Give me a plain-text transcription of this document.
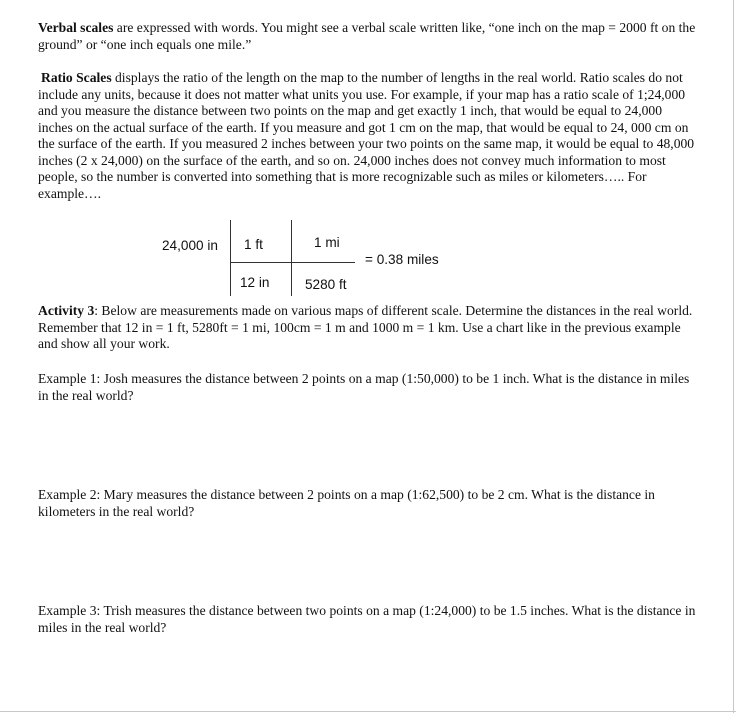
Verbal scales are expressed with words. You might see a verbal scale written like, “one inch on the map = 2000 ft on the ground” or “one inch equals one mile.”

Ratio Scales displays the ratio of the length on the map to the number of lengths in the real world. Ratio scales do not include any units, because it does not matter what units you use. For example, if your map has a ratio scale of 1;24,000 and you measure the distance between two points on the map and get exactly 1 inch, that would be equal to 24,000 inches on the actual surface of the earth. If you measure and got 1 cm on the map, that would be equal to 24, 000 cm on the surface of the earth. If you measured 2 inches between your two points on the same map, it would be equal to 48,000 inches (2 x 24,000) on the surface of the earth, and so on. 24,000 inches does not convey much information to most people, so the number is converted into something that is more recognizable such as miles or kilometers….. For example….

24,000 in 1 ft	1 mi
12 in	5280 ft
= 0.38 miles

Activity 3: Below are measurements made on various maps of different scale. Determine the distances in the real world. Remember that 12 in = 1 ft, 5280ft = 1 mi, 100cm = 1 m and 1000 m = 1 km. Use a chart like in the previous example and show all your work.

Example 1: Josh measures the distance between 2 points on a map (1:50,000) to be 1 inch. What is the distance in miles in the real world?

Example 2: Mary measures the distance between 2 points on a map (1:62,500) to be 2 cm. What is the distance in kilometers in the real world?

Example 3: Trish measures the distance between two points on a map (1:24,000) to be 1.5 inches. What is the distance in miles in the real world?
